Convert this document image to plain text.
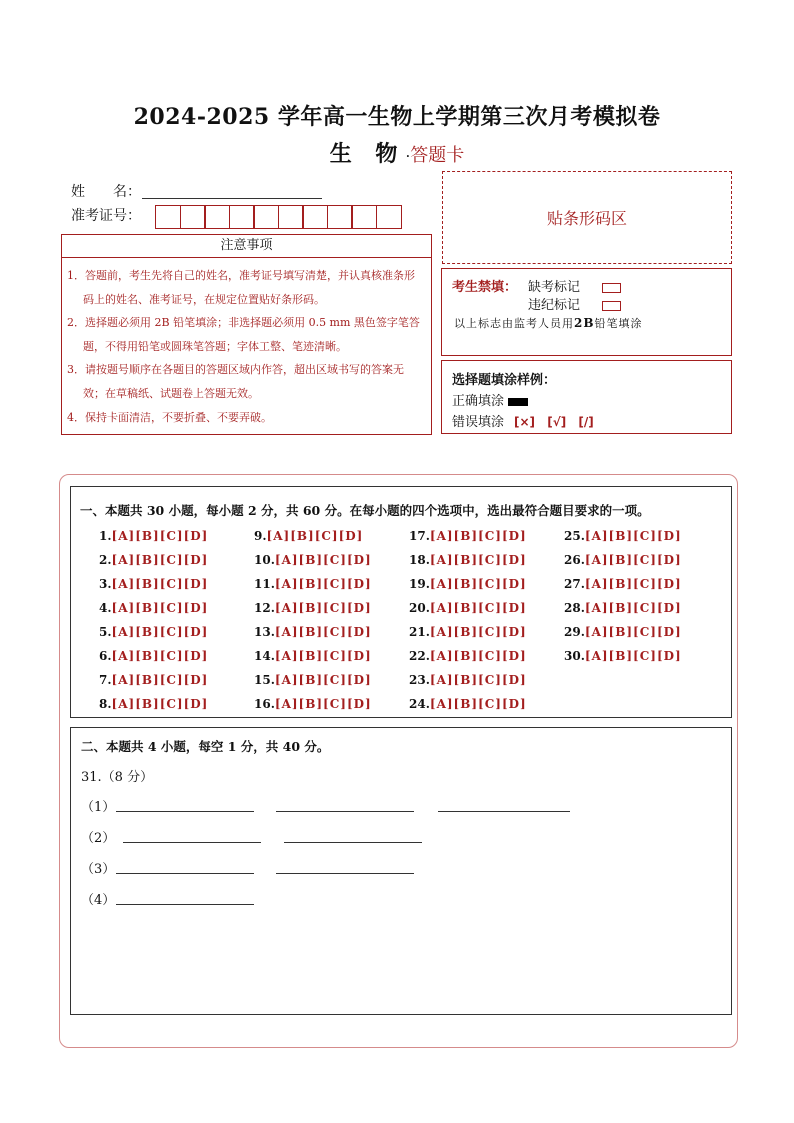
2024-2025 学年高一生物上学期第三次月考模拟卷
生 物·答题卡
姓　　名：
准考证号：
注意事项
1．答题前，考生先将自己的姓名，准考证号填写清楚，并认真核准条形码上的姓名、准考证号，在规定位置贴好条形码。
2．选择题必须用 2B 铅笔填涂；非选择题必须用 0.5 mm 黑色签字笔答题，不得用铅笔或圆珠笔答题；字体工整、笔迹清晰。
3．请按题号顺序在各题目的答题区域内作答，超出区域书写的答案无效；在草稿纸、试题卷上答题无效。
4．保持卡面清洁，不要折叠、不要弄破。
贴条形码区
考生禁填： 缺考标记
违纪标记
以上标志由监考人员用2B铅笔填涂
选择题填涂样例：
正确填涂
错误填涂 [×] [√] [/]
一、本题共 30 小题，每小题 2 分，共 60 分。在每小题的四个选项中，选出最符合题目要求的一项。
1.[A][B][C][D]
2.[A][B][C][D]
3.[A][B][C][D]
4.[A][B][C][D]
5.[A][B][C][D]
6.[A][B][C][D]
7.[A][B][C][D]
8.[A][B][C][D]
9.[A][B][C][D]
10.[A][B][C][D]
11.[A][B][C][D]
12.[A][B][C][D]
13.[A][B][C][D]
14.[A][B][C][D]
15.[A][B][C][D]
16.[A][B][C][D]
17.[A][B][C][D]
18.[A][B][C][D]
19.[A][B][C][D]
20.[A][B][C][D]
21.[A][B][C][D]
22.[A][B][C][D]
23.[A][B][C][D]
24.[A][B][C][D]
25.[A][B][C][D]
26.[A][B][C][D]
27.[A][B][C][D]
28.[A][B][C][D]
29.[A][B][C][D]
30.[A][B][C][D]
二、本题共 4 小题，每空 1 分，共 40 分。
31.（8 分）
（1）
（2）
（3）
（4）
